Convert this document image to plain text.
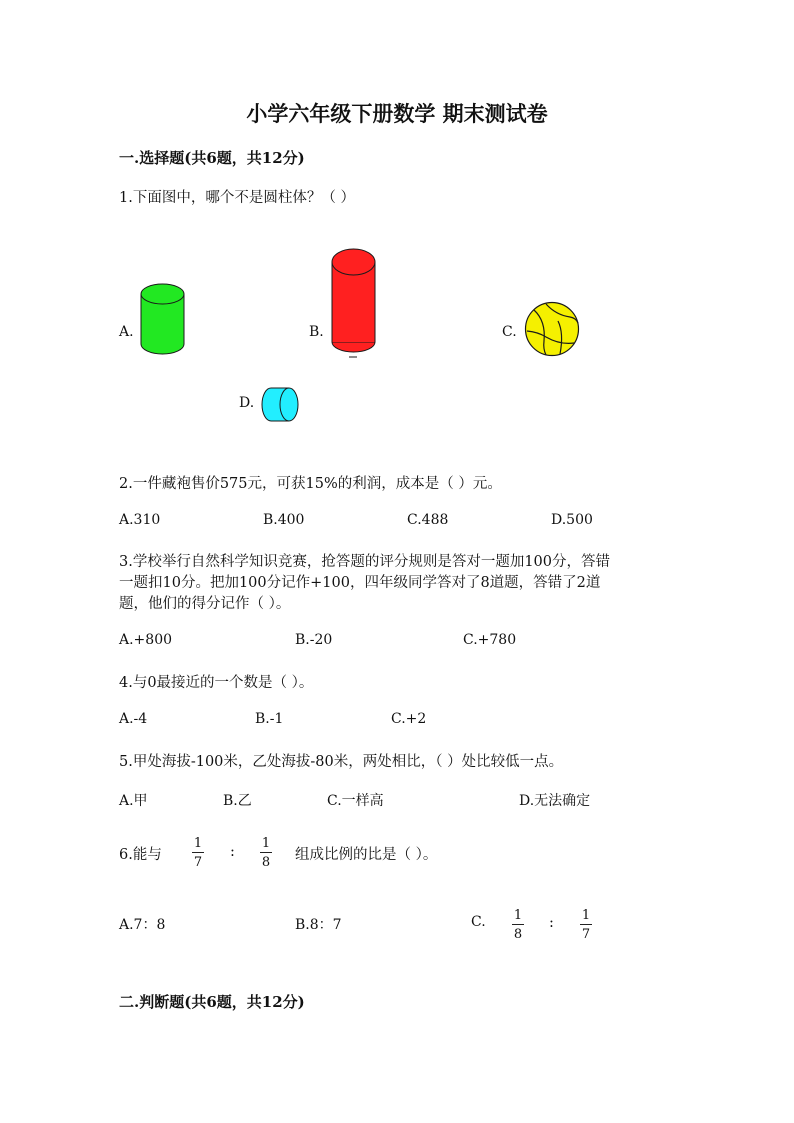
小学六年级下册数学 期末测试卷
一.选择题(共6题，共12分)
1.下面图中，哪个不是圆柱体？（ ）
A.	B.	C.
D.
2.一件藏袍售价575元，可获15%的利润，成本是（ ）元。
A.310	B.400	C.488	D.500
3.学校举行自然科学知识竞赛，抢答题的评分规则是答对一题加100分，答错
一题扣10分。把加100分记作+100，四年级同学答对了8道题，答错了2道
题，他们的得分记作（ ）。
A.+800	B.-20	C.+780
4.与0最接近的一个数是（ ）。
A.-4	B.-1	C.+2
5.甲处海拔-100米，乙处海拔-80米，两处相比，（ ）处比较低一点。
A.甲	B.乙	C.一样高	D.无法确定
6.能与
1
7
:
1
8 组成比例的比是（ ）。
A.7：8	B.8：7	C. 1
8
: 1
7
二.判断题(共6题，共12分)
